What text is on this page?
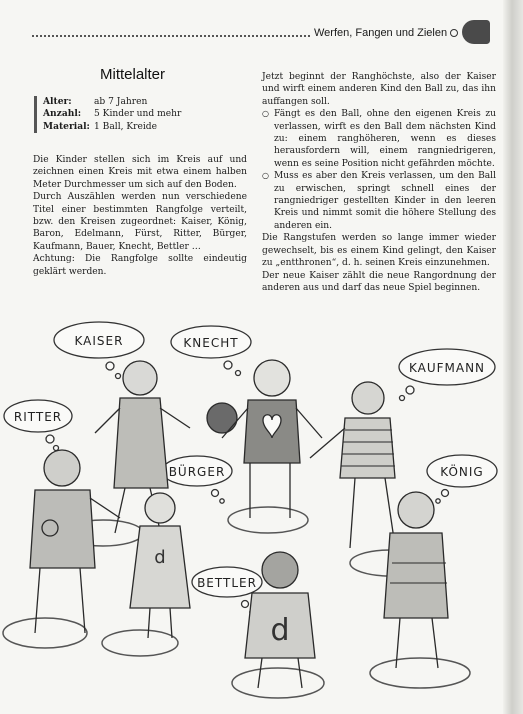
Werfen, Fangen und Zielen
Mittelalter
Alter:	ab 7 Jahren
Anzahl:	5 Kinder und mehr
Material: 1 Ball, Kreide

Die Kinder stellen sich im Kreis auf und zeichnen einen Kreis mit etwa einem halben Meter Durchmesser um sich auf den Boden.

Durch Auszählen werden nun verschiedene Titel einer bestimmten Rangfolge verteilt, bzw. den Kreisen zugeordnet: Kaiser, König, Baron, Edelmann, Fürst, Ritter, Bürger, Kaufmann, Bauer, Knecht, Bettler …

Achtung: Die Rangfolge sollte eindeutig geklärt werden.

Jetzt beginnt der Ranghöchste, also der Kaiser und wirft einem anderen Kind den Ball zu, das ihn auffangen soll.

○ Fängt es den Ball, ohne den eigenen Kreis zu verlassen, wirft es den Ball dem nächsten Kind zu: einem ranghöheren, wenn es dieses herausfordern will, einem rangniedrigeren, wenn es seine Position nicht gefährden möchte.
○ Muss es aber den Kreis verlassen, um den Ball zu erwischen, springt schnell eines der rangniedriger gestellten Kinder in den leeren Kreis und nimmt somit die höhere Stellung des anderen ein.

Die Rangstufen werden so lange immer wieder gewechselt, bis es einem Kind gelingt, den Kaiser zu „entthronen“, d. h. seinen Kreis einzunehmen.

Der neue Kaiser zählt die neue Rangordnung der anderen aus und darf das neue Spiel beginnen.

KAISER	KNECHT
KAUFMANN
RITTER
BÜRGER	KÖNIG
BETTLER
d
d
